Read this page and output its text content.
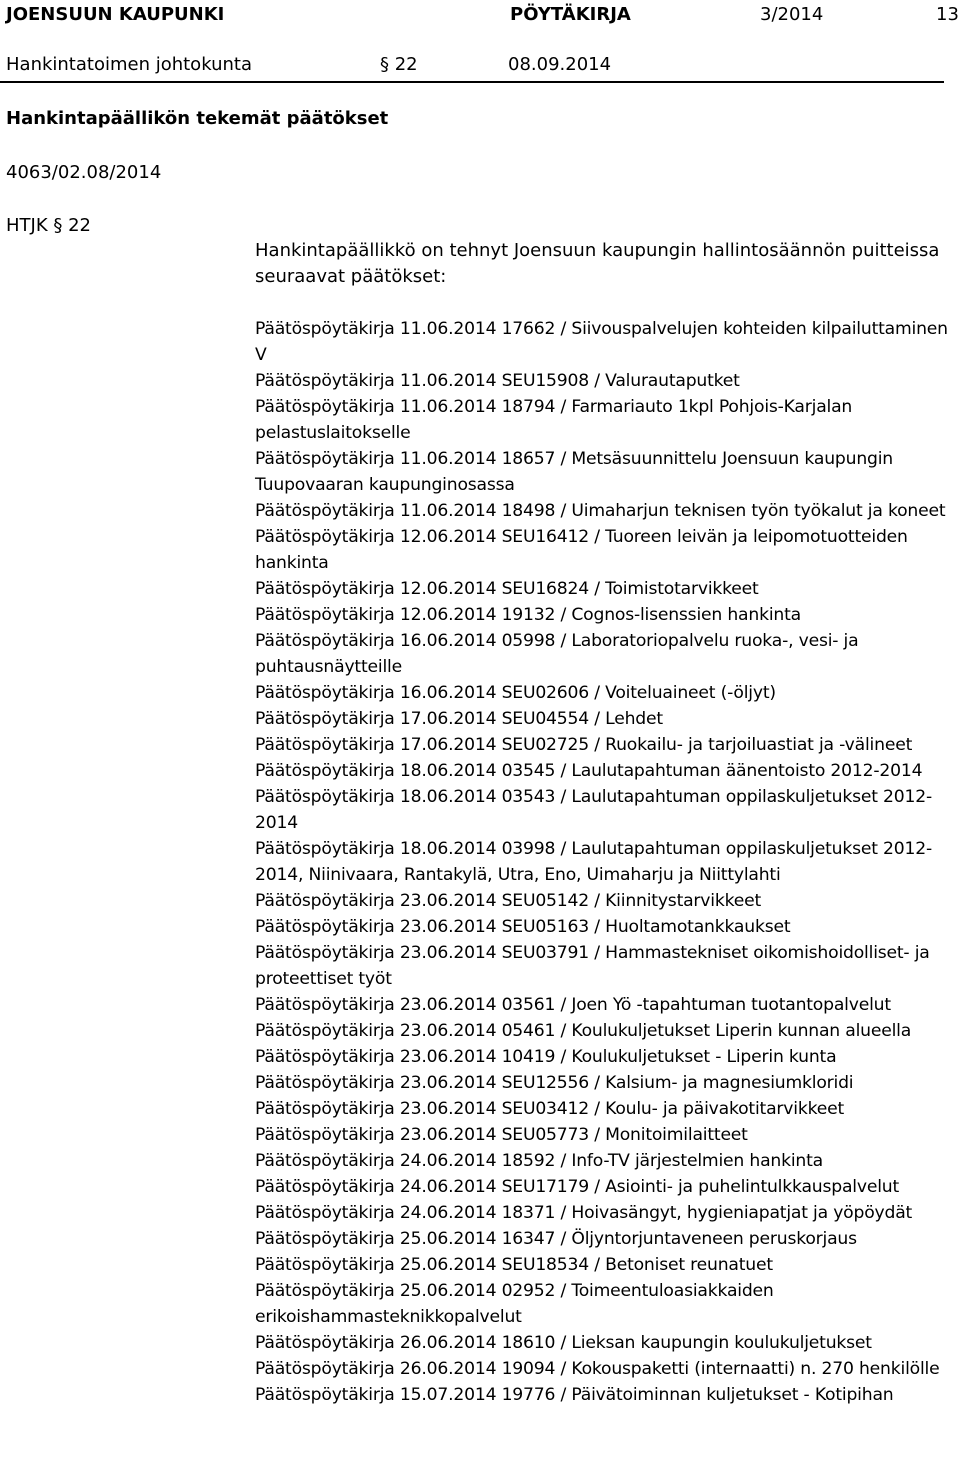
JOENSUUN KAUPUNKI	PÖYTÄKIRJA	3/2014	13
Hankintatoimen johtokunta	§ 22	08.09.2014
Hankintapäällikön tekemät päätökset
4063/02.08/2014
HTJK § 22
Hankintapäällikkö on tehnyt Joensuun kaupungin hallintosäännön puitteissa seuraavat päätökset:
Päätöspöytäkirja 11.06.2014 17662 / Siivouspalvelujen kohteiden kilpailuttaminen V
Päätöspöytäkirja 11.06.2014 SEU15908 / Valurautaputket
Päätöspöytäkirja 11.06.2014 18794 / Farmariauto 1kpl Pohjois-Karjalan pelastuslaitokselle
Päätöspöytäkirja 11.06.2014 18657 / Metsäsuunnittelu Joensuun kaupungin Tuupovaaran kaupunginosassa
Päätöspöytäkirja 11.06.2014 18498 / Uimaharjun teknisen työn työkalut ja koneet
Päätöspöytäkirja 12.06.2014 SEU16412 / Tuoreen leivän ja leipomotuotteiden hankinta
Päätöspöytäkirja 12.06.2014 SEU16824 / Toimistotarvikkeet
Päätöspöytäkirja 12.06.2014 19132 / Cognos-lisenssien hankinta
Päätöspöytäkirja 16.06.2014 05998 / Laboratoriopalvelu ruoka-, vesi- ja puhtausnäytteille
Päätöspöytäkirja 16.06.2014 SEU02606 / Voiteluaineet (-öljyt)
Päätöspöytäkirja 17.06.2014 SEU04554 / Lehdet
Päätöspöytäkirja 17.06.2014 SEU02725 / Ruokailu- ja tarjoiluastiat ja -välineet
Päätöspöytäkirja 18.06.2014 03545 / Laulutapahtuman äänentoisto 2012-2014
Päätöspöytäkirja 18.06.2014 03543 / Laulutapahtuman oppilaskuljetukset 2012-2014
Päätöspöytäkirja 18.06.2014 03998 / Laulutapahtuman oppilaskuljetukset 2012-2014, Niinivaara, Rantakylä, Utra, Eno, Uimaharju ja Niittylahti
Päätöspöytäkirja 23.06.2014 SEU05142 / Kiinnitystarvikkeet
Päätöspöytäkirja 23.06.2014 SEU05163 / Huoltamotankkaukset
Päätöspöytäkirja 23.06.2014 SEU03791 / Hammastekniset oikomishoidolliset- ja proteettiset työt
Päätöspöytäkirja 23.06.2014 03561 / Joen Yö -tapahtuman tuotantopalvelut
Päätöspöytäkirja 23.06.2014 05461 / Koulukuljetukset Liperin kunnan alueella
Päätöspöytäkirja 23.06.2014 10419 / Koulukuljetukset - Liperin kunta
Päätöspöytäkirja 23.06.2014 SEU12556 / Kalsium- ja magnesiumkloridi
Päätöspöytäkirja 23.06.2014 SEU03412 / Koulu- ja päivakotitarvikkeet
Päätöspöytäkirja 23.06.2014 SEU05773 / Monitoimilaitteet
Päätöspöytäkirja 24.06.2014 18592 / Info-TV järjestelmien hankinta
Päätöspöytäkirja 24.06.2014 SEU17179 / Asiointi- ja puhelintulkkauspalvelut
Päätöspöytäkirja 24.06.2014 18371 / Hoivasängyt, hygieniapatjat ja yöpöydät
Päätöspöytäkirja 25.06.2014 16347 / Öljyntorjuntaveneen peruskorjaus
Päätöspöytäkirja 25.06.2014 SEU18534 / Betoniset reunatuet
Päätöspöytäkirja 25.06.2014 02952 / Toimeentuloasiakkaiden erikoishammasteknikkopalvelut
Päätöspöytäkirja 26.06.2014 18610 / Lieksan kaupungin koulukuljetukset
Päätöspöytäkirja 26.06.2014 19094 / Kokouspaketti (internaatti) n. 270 henkilölle
Päätöspöytäkirja 15.07.2014 19776 / Päivätoiminnan kuljetukset - Kotipihan
